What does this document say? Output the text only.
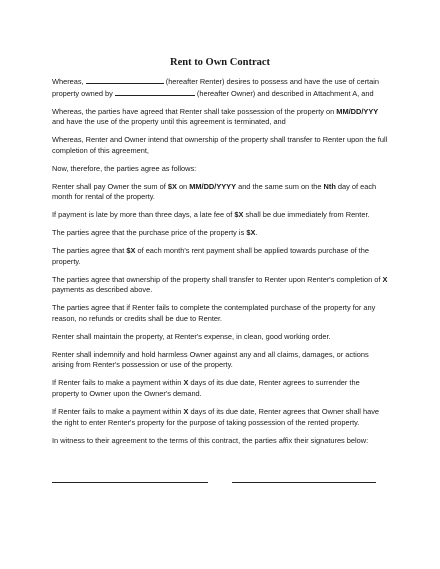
Rent to Own Contract

Whereas,	(hereafter Renter) desires to possess and have the use of certain property owned by	(hereafter Owner) and described in Attachment A, and

Whereas, the parties have agreed that Renter shall take possession of the property on MM/DD/YYY and have the use of the property until this agreement is terminated, and

Whereas, Renter and Owner intend that ownership of the property shall transfer to Renter upon the full completion of this agreement,

Now, therefore, the parties agree as follows:

Renter shall pay Owner the sum of $X on MM/DD/YYYY and the same sum on the Nth day of each month for rental of the property.

If payment is late by more than three days, a late fee of $X shall be due immediately from Renter.

The parties agree that the purchase price of the property is $X.

The parties agree that $X of each month's rent payment shall be applied towards purchase of the property.

The parties agree that ownership of the property shall transfer to Renter upon Renter's completion of X payments as described above.

The parties agree that if Renter fails to complete the contemplated purchase of the property for any reason, no refunds or credits shall be due to Renter.

Renter shall maintain the property, at Renter's expense, in clean, good working order.

Renter shall indemnify and hold harmless Owner against any and all claims, damages, or actions arising from Renter's possession or use of the property.

If Renter fails to make a payment within X days of its due date, Renter agrees to surrender the property to Owner upon the Owner's demand.

If Renter fails to make a payment within X days of its due date, Renter agrees that Owner shall have the right to enter Renter's property for the purpose of taking possession of the rented property.

In witness to their agreement to the terms of this contract, the parties affix their signatures below:
